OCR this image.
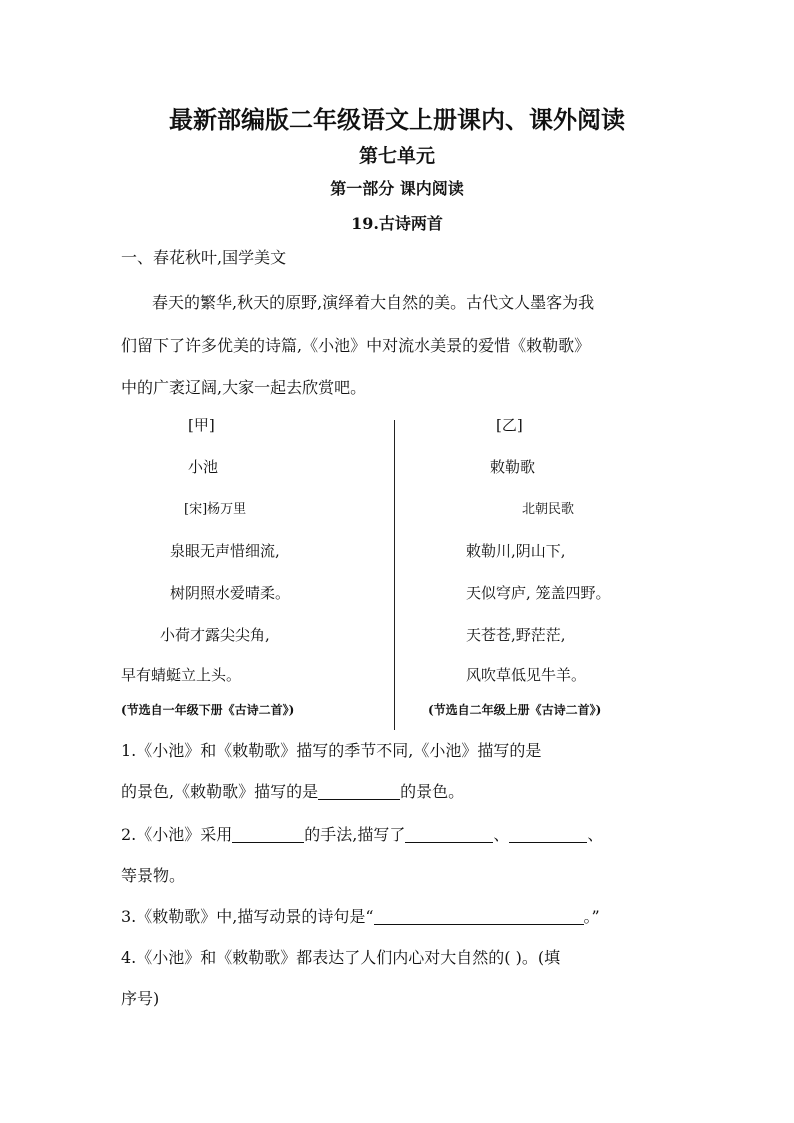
最新部编版二年级语文上册课内、课外阅读
第七单元
第一部分 课内阅读
19.古诗两首
一、春花秋叶,国学美文
春天的繁华,秋天的原野,演绎着大自然的美。古代文人墨客为我
们留下了许多优美的诗篇,《小池》中对流水美景的爱惜《敕勒歌》
中的广袤辽阔,大家一起去欣赏吧。
[甲]
小池
[宋]杨万里
泉眼无声惜细流,
树阴照水爱晴柔。
小荷才露尖尖角,
早有蜻蜓立上头。
(节选自一年级下册《古诗二首》)
[乙]
敕勒歌
北朝民歌
敕勒川,阴山下,
天似穹庐, 笼盖四野。
天苍苍,野茫茫,
风吹草低见牛羊。
(节选自二年级上册《古诗二首》)
1.《小池》和《敕勒歌》描写的季节不同,《小池》描写的是
的景色,《敕勒歌》描写的是	的景色。
2.《小池》采用	的手法,描写了	、	、
等景物。
3.《敕勒歌》中,描写动景的诗句是“	。”
4.《小池》和《敕勒歌》都表达了人们内心对大自然的( )。(填
序号)
